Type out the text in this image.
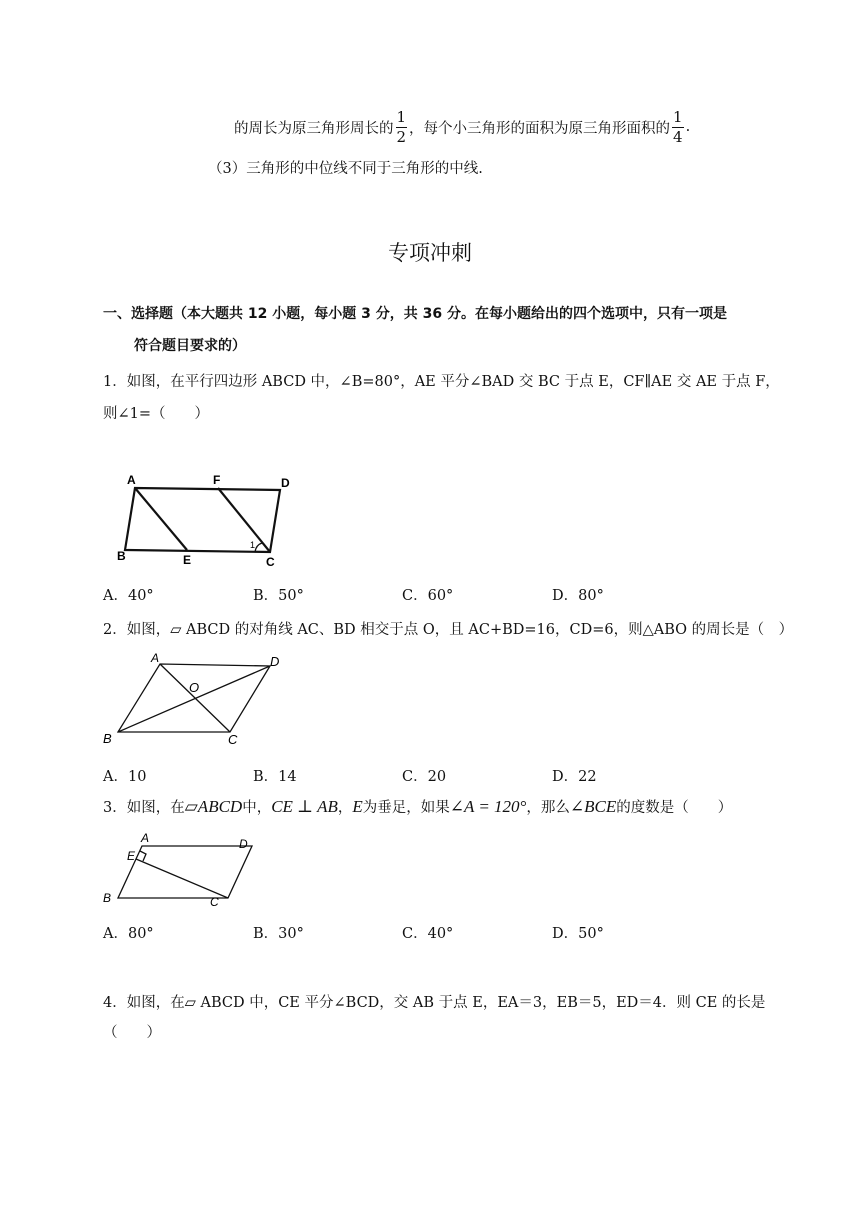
的周长为原三角形周长的 $\frac{1}{2}$ ，每个小三角形的面积为原三角形面积的 $\frac{1}{4}$ .
（3）三角形的中位线不同于三角形的中线.
专项冲刺
一、选择题（本大题共 12 小题，每小题 3 分，共 36 分。在每小题给出的四个选项中，只有一项是
符合题目要求的）
1．如图，在平行四边形 ABCD 中，∠B=80°，AE 平分∠BAD 交 BC 于点 E，CF∥AE 交 AE 于点 F，
则∠1=（　　）
A	F	D
B	E	C
1
A．40°	B．50°	C．60°	D．80°
2．如图，▱ ABCD 的对角线 AC、BD 相交于点 O，且 AC+BD=16，CD=6，则△ABO 的周长是（　）
A	D
O
B	C
A．10	B．14	C．20	D．22
3．如图，在 ▱ABCD 中， CE ⊥ AB ， E 为垂足，如果 ∠A = 120° ，那么 ∠BCE 的度数是（　　）
A	D
E
B	C
A．80°	B．30°	C．40°	D．50°
4．如图，在▱ ABCD 中，CE 平分∠BCD，交 AB 于点 E，EA＝3，EB＝5，ED＝4．则 CE 的长是
（　　）
